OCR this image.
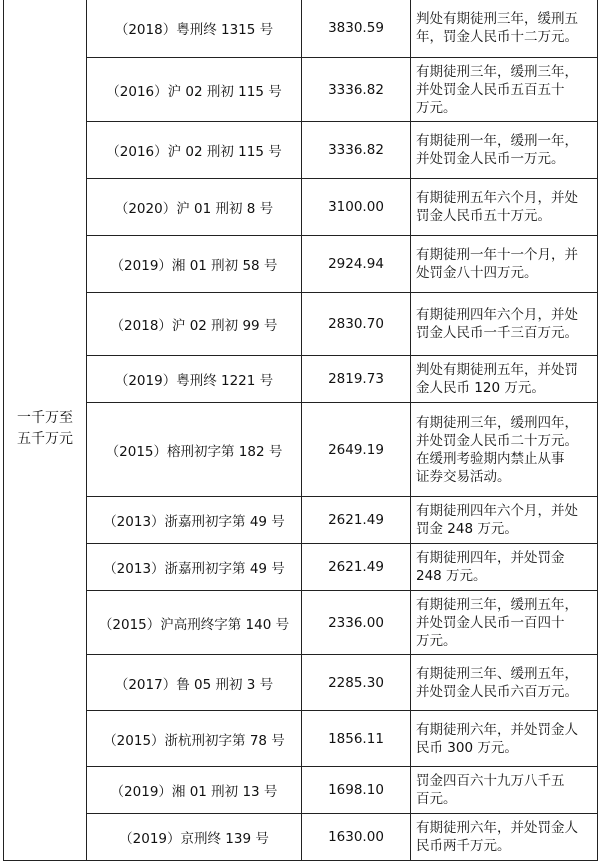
一千万至
五千万元	（2018）粤刑终 1315 号	3830.59	判处有期徒刑三年，缓刑五
年，罚金人民币十二万元。

	（2016）沪 02 刑初 115 号	3336.82	有期徒刑三年，缓刑三年，
并处罚金人民币五百五十
万元。

	（2016）沪 02 刑初 115 号	3336.82	有期徒刑一年，缓刑一年，
并处罚金人民币一万元。

	（2020）沪 01 刑初 8 号	3100.00	有期徒刑五年六个月，并处
罚金人民币五十万元。

	（2019）湘 01 刑初 58 号	2924.94	有期徒刑一年十一个月，并
处罚金八十四万元。

	（2018）沪 02 刑初 99 号	2830.70	有期徒刑四年六个月，并处
罚金人民币一千三百万元。

	（2019）粤刑终 1221 号	2819.73	判处有期徒刑五年，并处罚
金人民币 120 万元。

	（2015）榕刑初字第 182 号	2649.19	有期徒刑三年，缓刑四年，
并处罚金人民币二十万元。
在缓刑考验期内禁止从事
证券交易活动。

	（2013）浙嘉刑初字第 49 号	2621.49	有期徒刑四年六个月，并处
罚金 248 万元。

	（2013）浙嘉刑初字第 49 号	2621.49	有期徒刑四年，并处罚金
248 万元。

	（2015）沪高刑终字第 140 号	2336.00	有期徒刑三年，缓刑五年，
并处罚金人民币一百四十
万元。

	（2017）鲁 05 刑初 3 号	2285.30	有期徒刑三年、缓刑五年，
并处罚金人民币六百万元。

	（2015）浙杭刑初字第 78 号	1856.11	有期徒刑六年，并处罚金人
民币 300 万元。

	（2019）湘 01 刑初 13 号	1698.10	罚金四百六十九万八千五
百元。

	（2019）京刑终 139 号	1630.00	有期徒刑六年，并处罚金人
民币两千万元。
